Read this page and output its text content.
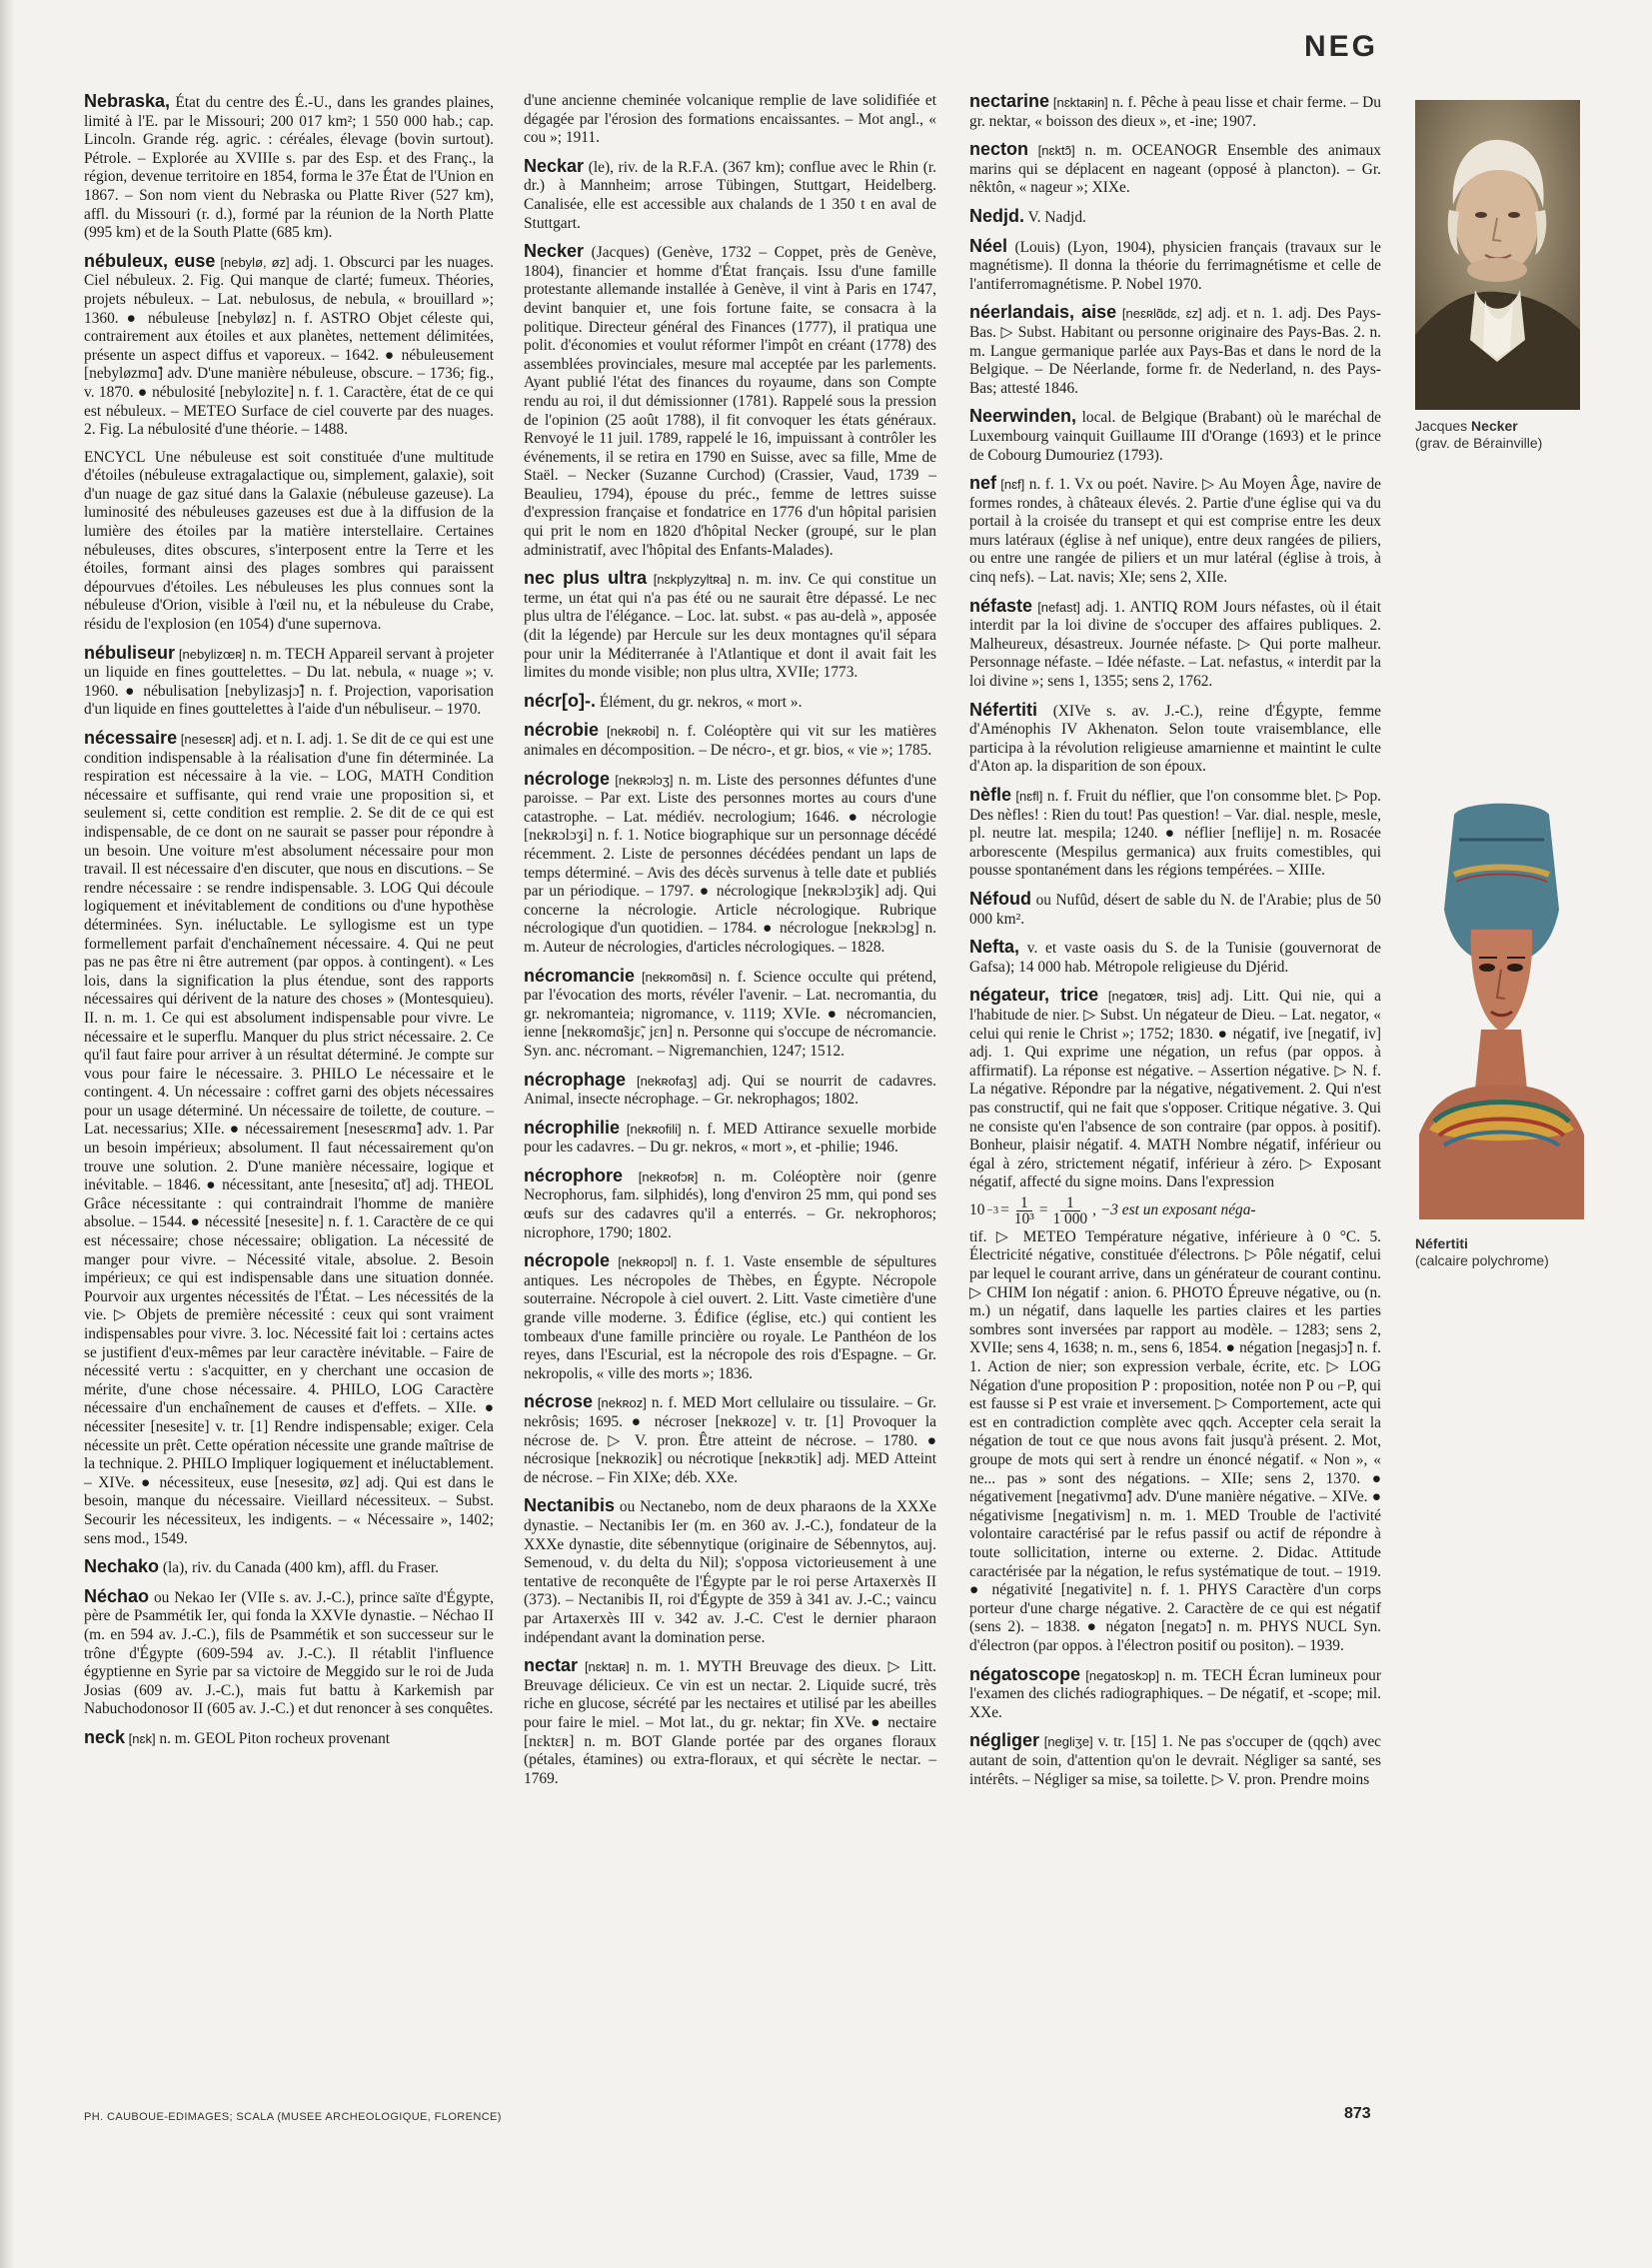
NEG

Nebraska, État du centre des É.-U., dans les grandes plaines, limité à l'E. par le Missouri; 200 017 km²; 1 550 000 hab.; cap. Lincoln. Grande rég. agric. : céréales, élevage (bovin surtout). Pétrole. – Explorée au XVIIIe s. par des Esp. et des Franç., la région, devenue territoire en 1854, forma le 37e État de l'Union en 1867. – Son nom vient du Nebraska ou Platte River (527 km), affl. du Missouri (r. d.), formé par la réunion de la North Platte (995 km) et de la South Platte (685 km).

nébuleux, euse [nebylø, øz] adj. 1. Obscurci par les nuages. Ciel nébuleux. 2. Fig. Qui manque de clarté; fumeux. Théories, projets nébuleux. – Lat. nebulosus, de nebula, « brouillard »; 1360. ● nébuleuse [nebyløz] n. f. ASTRO Objet céleste qui, contrairement aux étoiles et aux planètes, nettement délimitées, présente un aspect diffus et vaporeux. – 1642. ● nébuleusement [nebyløzmɑ̃] adv. D'une manière nébuleuse, obscure. – 1736; fig., v. 1870. ● nébulosité [nebylozite] n. f. 1. Caractère, état de ce qui est nébuleux. – METEO Surface de ciel couverte par des nuages. 2. Fig. La nébulosité d'une théorie. – 1488.

ENCYCL Une nébuleuse est soit constituée d'une multitude d'étoiles (nébuleuse extragalactique ou, simplement, galaxie), soit d'un nuage de gaz situé dans la Galaxie (nébuleuse gazeuse). La luminosité des nébuleuses gazeuses est due à la diffusion de la lumière des étoiles par la matière interstellaire. Certaines nébuleuses, dites obscures, s'interposent entre la Terre et les étoiles, formant ainsi des plages sombres qui paraissent dépourvues d'étoiles. Les nébuleuses les plus connues sont la nébuleuse d'Orion, visible à l'œil nu, et la nébuleuse du Crabe, résidu de l'explosion (en 1054) d'une supernova.

nébuliseur [nebylizœʀ] n. m. TECH Appareil servant à projeter un liquide en fines gouttelettes. – Du lat. nebula, « nuage »; v. 1960. ● nébulisation [nebylizasjɔ̃] n. f. Projection, vaporisation d'un liquide en fines gouttelettes à l'aide d'un nébuliseur. – 1970.

nécessaire [nesesɛʀ] adj. et n. I. adj. 1. Se dit de ce qui est une condition indispensable à la réalisation d'une fin déterminée. La respiration est nécessaire à la vie. – LOG, MATH Condition nécessaire et suffisante, qui rend vraie une proposition si, et seulement si, cette condition est remplie. 2. Se dit de ce qui est indispensable, de ce dont on ne saurait se passer pour répondre à un besoin. Une voiture m'est absolument nécessaire pour mon travail. Il est nécessaire d'en discuter, que nous en discutions. – Se rendre nécessaire : se rendre indispensable. 3. LOG Qui découle logiquement et inévitablement de conditions ou d'une hypothèse déterminées. Syn. inéluctable. Le syllogisme est un type formellement parfait d'enchaînement nécessaire. 4. Qui ne peut pas ne pas être ni être autrement (par oppos. à contingent). « Les lois, dans la signification la plus étendue, sont des rapports nécessaires qui dérivent de la nature des choses » (Montesquieu). II. n. m. 1. Ce qui est absolument indispensable pour vivre. Le nécessaire et le superflu. Manquer du plus strict nécessaire. 2. Ce qu'il faut faire pour arriver à un résultat déterminé. Je compte sur vous pour faire le nécessaire. 3. PHILO Le nécessaire et le contingent. 4. Un nécessaire : coffret garni des objets nécessaires pour un usage déterminé. Un nécessaire de toilette, de couture. – Lat. necessarius; XIIe. ● nécessairement [nesesɛʀmɑ̃] adv. 1. Par un besoin impérieux; absolument. Il faut nécessairement qu'on trouve une solution. 2. D'une manière nécessaire, logique et inévitable. – 1846. ● nécessitant, ante [nesesitɑ̃, ɑ̃t] adj. THEOL Grâce nécessitante : qui contraindrait l'homme de manière absolue. – 1544. ● nécessité [nesesite] n. f. 1. Caractère de ce qui est nécessaire; chose nécessaire; obligation. La nécessité de manger pour vivre. – Nécessité vitale, absolue. 2. Besoin impérieux; ce qui est indispensable dans une situation donnée. Pourvoir aux urgentes nécessités de l'État. – Les nécessités de la vie. ▷ Objets de première nécessité : ceux qui sont vraiment indispensables pour vivre. 3. loc. Nécessité fait loi : certains actes se justifient d'eux-mêmes par leur caractère inévitable. – Faire de nécessité vertu : s'acquitter, en y cherchant une occasion de mérite, d'une chose nécessaire. 4. PHILO, LOG Caractère nécessaire d'un enchaînement de causes et d'effets. – XIIe. ● nécessiter [nesesite] v. tr. [1] Rendre indispensable; exiger. Cela nécessite un prêt. Cette opération nécessite une grande maîtrise de la technique. 2. PHILO Impliquer logiquement et inéluctablement. – XIVe. ● nécessiteux, euse [nesesitø, øz] adj. Qui est dans le besoin, manque du nécessaire. Vieillard nécessiteux. – Subst. Secourir les nécessiteux, les indigents. – « Nécessaire », 1402; sens mod., 1549.

Nechako (la), riv. du Canada (400 km), affl. du Fraser.

Néchao ou Nekao Ier (VIIe s. av. J.-C.), prince saïte d'Égypte, père de Psammétik Ier, qui fonda la XXVIe dynastie. – Néchao II (m. en 594 av. J.-C.), fils de Psammétik et son successeur sur le trône d'Égypte (609-594 av. J.-C.). Il rétablit l'influence égyptienne en Syrie par sa victoire de Meggido sur le roi de Juda Josias (609 av. J.-C.), mais fut battu à Karkemish par Nabuchodonosor II (605 av. J.-C.) et dut renoncer à ses conquêtes.

neck [nɛk] n. m. GEOL Piton rocheux provenant

d'une ancienne cheminée volcanique remplie de lave solidifiée et dégagée par l'érosion des formations encaissantes. – Mot angl., « cou »; 1911.

Neckar (le), riv. de la R.F.A. (367 km); conflue avec le Rhin (r. dr.) à Mannheim; arrose Tübingen, Stuttgart, Heidelberg. Canalisée, elle est accessible aux chalands de 1 350 t en aval de Stuttgart.

Necker (Jacques) (Genève, 1732 – Coppet, près de Genève, 1804), financier et homme d'État français. Issu d'une famille protestante allemande installée à Genève, il vint à Paris en 1747, devint banquier et, une fois fortune faite, se consacra à la politique. Directeur général des Finances (1777), il pratiqua une polit. d'économies et voulut réformer l'impôt en créant (1778) des assemblées provinciales, mesure mal acceptée par les parlements. Ayant publié l'état des finances du royaume, dans son Compte rendu au roi, il dut démissionner (1781). Rappelé sous la pression de l'opinion (25 août 1788), il fit convoquer les états généraux. Renvoyé le 11 juil. 1789, rappelé le 16, impuissant à contrôler les événements, il se retira en 1790 en Suisse, avec sa fille, Mme de Staël. – Necker (Suzanne Curchod) (Crassier, Vaud, 1739 – Beaulieu, 1794), épouse du préc., femme de lettres suisse d'expression française et fondatrice en 1776 d'un hôpital parisien qui prit le nom en 1820 d'hôpital Necker (groupé, sur le plan administratif, avec l'hôpital des Enfants-Malades).

nec plus ultra [nɛkplyzyltʀa] n. m. inv. Ce qui constitue un terme, un état qui n'a pas été ou ne saurait être dépassé. Le nec plus ultra de l'élégance. – Loc. lat. subst. « pas au-delà », apposée (dit la légende) par Hercule sur les deux montagnes qu'il sépara pour unir la Méditerranée à l'Atlantique et dont il avait fait les limites du monde visible; non plus ultra, XVIIe; 1773.

nécr[o]-. Élément, du gr. nekros, « mort ».

nécrobie [nekʀobi] n. f. Coléoptère qui vit sur les matières animales en décomposition. – De nécro-, et gr. bios, « vie »; 1785.

nécrologe [nekʀɔlɔʒ] n. m. Liste des personnes défuntes d'une paroisse. – Par ext. Liste des personnes mortes au cours d'une catastrophe. – Lat. médiév. necrologium; 1646. ● nécrologie [nekʀɔlɔʒi] n. f. 1. Notice biographique sur un personnage décédé récemment. 2. Liste de personnes décédées pendant un laps de temps déterminé. – Avis des décès survenus à telle date et publiés par un périodique. – 1797. ● nécrologique [nekʀɔlɔʒik] adj. Qui concerne la nécrologie. Article nécrologique. Rubrique nécrologique d'un quotidien. – 1784. ● nécrologue [nekʀɔlɔg] n. m. Auteur de nécrologies, d'articles nécrologiques. – 1828.

nécromancie [nekʀomɑ̃si] n. f. Science occulte qui prétend, par l'évocation des morts, révéler l'avenir. – Lat. necromantia, du gr. nekromanteia; nigromance, v. 1119; XVIe. ● nécromancien, ienne [nekʀomɑ̃sjɛ̃, jɛn] n. Personne qui s'occupe de nécromancie. Syn. anc. nécromant. – Nigremanchien, 1247; 1512.

nécrophage [nekʀofaʒ] adj. Qui se nourrit de cadavres. Animal, insecte nécrophage. – Gr. nekrophagos; 1802.

nécrophilie [nekʀofili] n. f. MED Attirance sexuelle morbide pour les cadavres. – Du gr. nekros, « mort », et -philie; 1946.

nécrophore [nekʀofɔʀ] n. m. Coléoptère noir (genre Necrophorus, fam. silphidés), long d'environ 25 mm, qui pond ses œufs sur des cadavres qu'il a enterrés. – Gr. nekrophoros; nicrophore, 1790; 1802.

nécropole [nekʀopɔl] n. f. 1. Vaste ensemble de sépultures antiques. Les nécropoles de Thèbes, en Égypte. Nécropole souterraine. Nécropole à ciel ouvert. 2. Litt. Vaste cimetière d'une grande ville moderne. 3. Édifice (église, etc.) qui contient les tombeaux d'une famille princière ou royale. Le Panthéon de los reyes, dans l'Escurial, est la nécropole des rois d'Espagne. – Gr. nekropolis, « ville des morts »; 1836.

nécrose [nekʀoz] n. f. MED Mort cellulaire ou tissulaire. – Gr. nekrôsis; 1695. ● nécroser [nekʀoze] v. tr. [1] Provoquer la nécrose de. ▷ V. pron. Être atteint de nécrose. – 1780. ● nécrosique [nekʀozik] ou nécrotique [nekʀɔtik] adj. MED Atteint de nécrose. – Fin XIXe; déb. XXe.

Nectanibis ou Nectanebo, nom de deux pharaons de la XXXe dynastie. – Nectanibis Ier (m. en 360 av. J.-C.), fondateur de la XXXe dynastie, dite sébennytique (originaire de Sébennytos, auj. Semenoud, v. du delta du Nil); s'opposa victorieusement à une tentative de reconquête de l'Égypte par le roi perse Artaxerxès II (373). – Nectanibis II, roi d'Égypte de 359 à 341 av. J.-C.; vaincu par Artaxerxès III v. 342 av. J.-C. C'est le dernier pharaon indépendant avant la domination perse.

nectar [nɛktaʀ] n. m. 1. MYTH Breuvage des dieux. ▷ Litt. Breuvage délicieux. Ce vin est un nectar. 2. Liquide sucré, très riche en glucose, sécrété par les nectaires et utilisé par les abeilles pour faire le miel. – Mot lat., du gr. nektar; fin XVe. ● nectaire [nɛktɛʀ] n. m. BOT Glande portée par des organes floraux (pétales, étamines) ou extra-floraux, et qui sécrète le nectar. – 1769.

nectarine [nɛktaʀin] n. f. Pêche à peau lisse et chair ferme. – Du gr. nektar, « boisson des dieux », et -ine; 1907.

necton [nɛktɔ̃] n. m. OCEANOGR Ensemble des animaux marins qui se déplacent en nageant (opposé à plancton). – Gr. nêktôn, « nageur »; XIXe.

Nedjd. V. Nadjd.

Néel (Louis) (Lyon, 1904), physicien français (travaux sur le magnétisme). Il donna la théorie du ferrimagnétisme et celle de l'antiferromagnétisme. P. Nobel 1970.

néerlandais, aise [neɛʀlɑ̃dɛ, ɛz] adj. et n. 1. adj. Des Pays-Bas. ▷ Subst. Habitant ou personne originaire des Pays-Bas. 2. n. m. Langue germanique parlée aux Pays-Bas et dans le nord de la Belgique. – De Néerlande, forme fr. de Nederland, n. des Pays-Bas; attesté 1846.

Neerwinden, local. de Belgique (Brabant) où le maréchal de Luxembourg vainquit Guillaume III d'Orange (1693) et le prince de Cobourg Dumouriez (1793).

nef [nɛf] n. f. 1. Vx ou poét. Navire. ▷ Au Moyen Âge, navire de formes rondes, à châteaux élevés. 2. Partie d'une église qui va du portail à la croisée du transept et qui est comprise entre les deux murs latéraux (église à nef unique), entre deux rangées de piliers, ou entre une rangée de piliers et un mur latéral (église à trois, à cinq nefs). – Lat. navis; XIe; sens 2, XIIe.

néfaste [nefast] adj. 1. ANTIQ ROM Jours néfastes, où il était interdit par la loi divine de s'occuper des affaires publiques. 2. Malheureux, désastreux. Journée néfaste. ▷ Qui porte malheur. Personnage néfaste. – Idée néfaste. – Lat. nefastus, « interdit par la loi divine »; sens 1, 1355; sens 2, 1762.

Néfertiti (XIVe s. av. J.-C.), reine d'Égypte, femme d'Aménophis IV Akhenaton. Selon toute vraisemblance, elle participa à la révolution religieuse amarnienne et maintint le culte d'Aton ap. la disparition de son époux.

nèfle [nɛfl] n. f. Fruit du néflier, que l'on consomme blet. ▷ Pop. Des nèfles! : Rien du tout! Pas question! – Var. dial. nesple, mesle, pl. neutre lat. mespila; 1240. ● néflier [neflije] n. m. Rosacée arborescente (Mespilus germanica) aux fruits comestibles, qui pousse spontanément dans les régions tempérées. – XIIIe.

Néfoud ou Nufûd, désert de sable du N. de l'Arabie; plus de 50 000 km².

Nefta, v. et vaste oasis du S. de la Tunisie (gouvernorat de Gafsa); 14 000 hab. Métropole religieuse du Djérid.

négateur, trice [negatœʀ, tʀis] adj. Litt. Qui nie, qui a l'habitude de nier. ▷ Subst. Un négateur de Dieu. – Lat. negator, « celui qui renie le Christ »; 1752; 1830. ● négatif, ive [negatif, iv] adj. 1. Qui exprime une négation, un refus (par oppos. à affirmatif). La réponse est négative. – Assertion négative. ▷ N. f. La négative. Répondre par la négative, négativement. 2. Qui n'est pas constructif, qui ne fait que s'opposer. Critique négative. 3. Qui ne consiste qu'en l'absence de son contraire (par oppos. à positif). Bonheur, plaisir négatif. 4. MATH Nombre négatif, inférieur ou égal à zéro, strictement négatif, inférieur à zéro. ▷ Exposant négatif, affecté du signe moins. Dans l'expression

$10 -3 = \frac{1}{\text{10³}} = \frac{1}{1 000}$ , −3 est un exposant néga-

tif. ▷ METEO Température négative, inférieure à 0 °C. 5. Électricité négative, constituée d'électrons. ▷ Pôle négatif, celui par lequel le courant arrive, dans un générateur de courant continu. ▷ CHIM Ion négatif : anion. 6. PHOTO Épreuve négative, ou (n. m.) un négatif, dans laquelle les parties claires et les parties sombres sont inversées par rapport au modèle. – 1283; sens 2, XVIIe; sens 4, 1638; n. m., sens 6, 1854. ● négation [negasjɔ̃] n. f. 1. Action de nier; son expression verbale, écrite, etc. ▷ LOG Négation d'une proposition P : proposition, notée non P ou ⌐P, qui est fausse si P est vraie et inversement. ▷ Comportement, acte qui est en contradiction complète avec qqch. Accepter cela serait la négation de tout ce que nous avons fait jusqu'à présent. 2. Mot, groupe de mots qui sert à rendre un énoncé négatif. « Non », « ne... pas » sont des négations. – XIIe; sens 2, 1370. ● négativement [negativmɑ̃] adv. D'une manière négative. – XIVe. ● négativisme [negativism] n. m. 1. MED Trouble de l'activité volontaire caractérisé par le refus passif ou actif de répondre à toute sollicitation, interne ou externe. 2. Didac. Attitude caractérisée par la négation, le refus systématique de tout. – 1919. ● négativité [negativite] n. f. 1. PHYS Caractère d'un corps porteur d'une charge négative. 2. Caractère de ce qui est négatif (sens 2). – 1838. ● négaton [negatɔ̃] n. m. PHYS NUCL Syn. d'électron (par oppos. à l'électron positif ou positon). – 1939.

négatoscope [negatoskɔp] n. m. TECH Écran lumineux pour l'examen des clichés radiographiques. – De négatif, et -scope; mil. XXe.

négliger [negliʒe] v. tr. [15] 1. Ne pas s'occuper de (qqch) avec autant de soin, d'attention qu'on le devrait. Négliger sa santé, ses intérêts. – Négliger sa mise, sa toilette. ▷ V. pron. Prendre moins

Jacques Necker
(grav. de Bérainville)
Néfertiti
(calcaire polychrome)
PH. CAUBOUE-EDIMAGES; SCALA (MUSEE ARCHEOLOGIQUE, FLORENCE)	873
